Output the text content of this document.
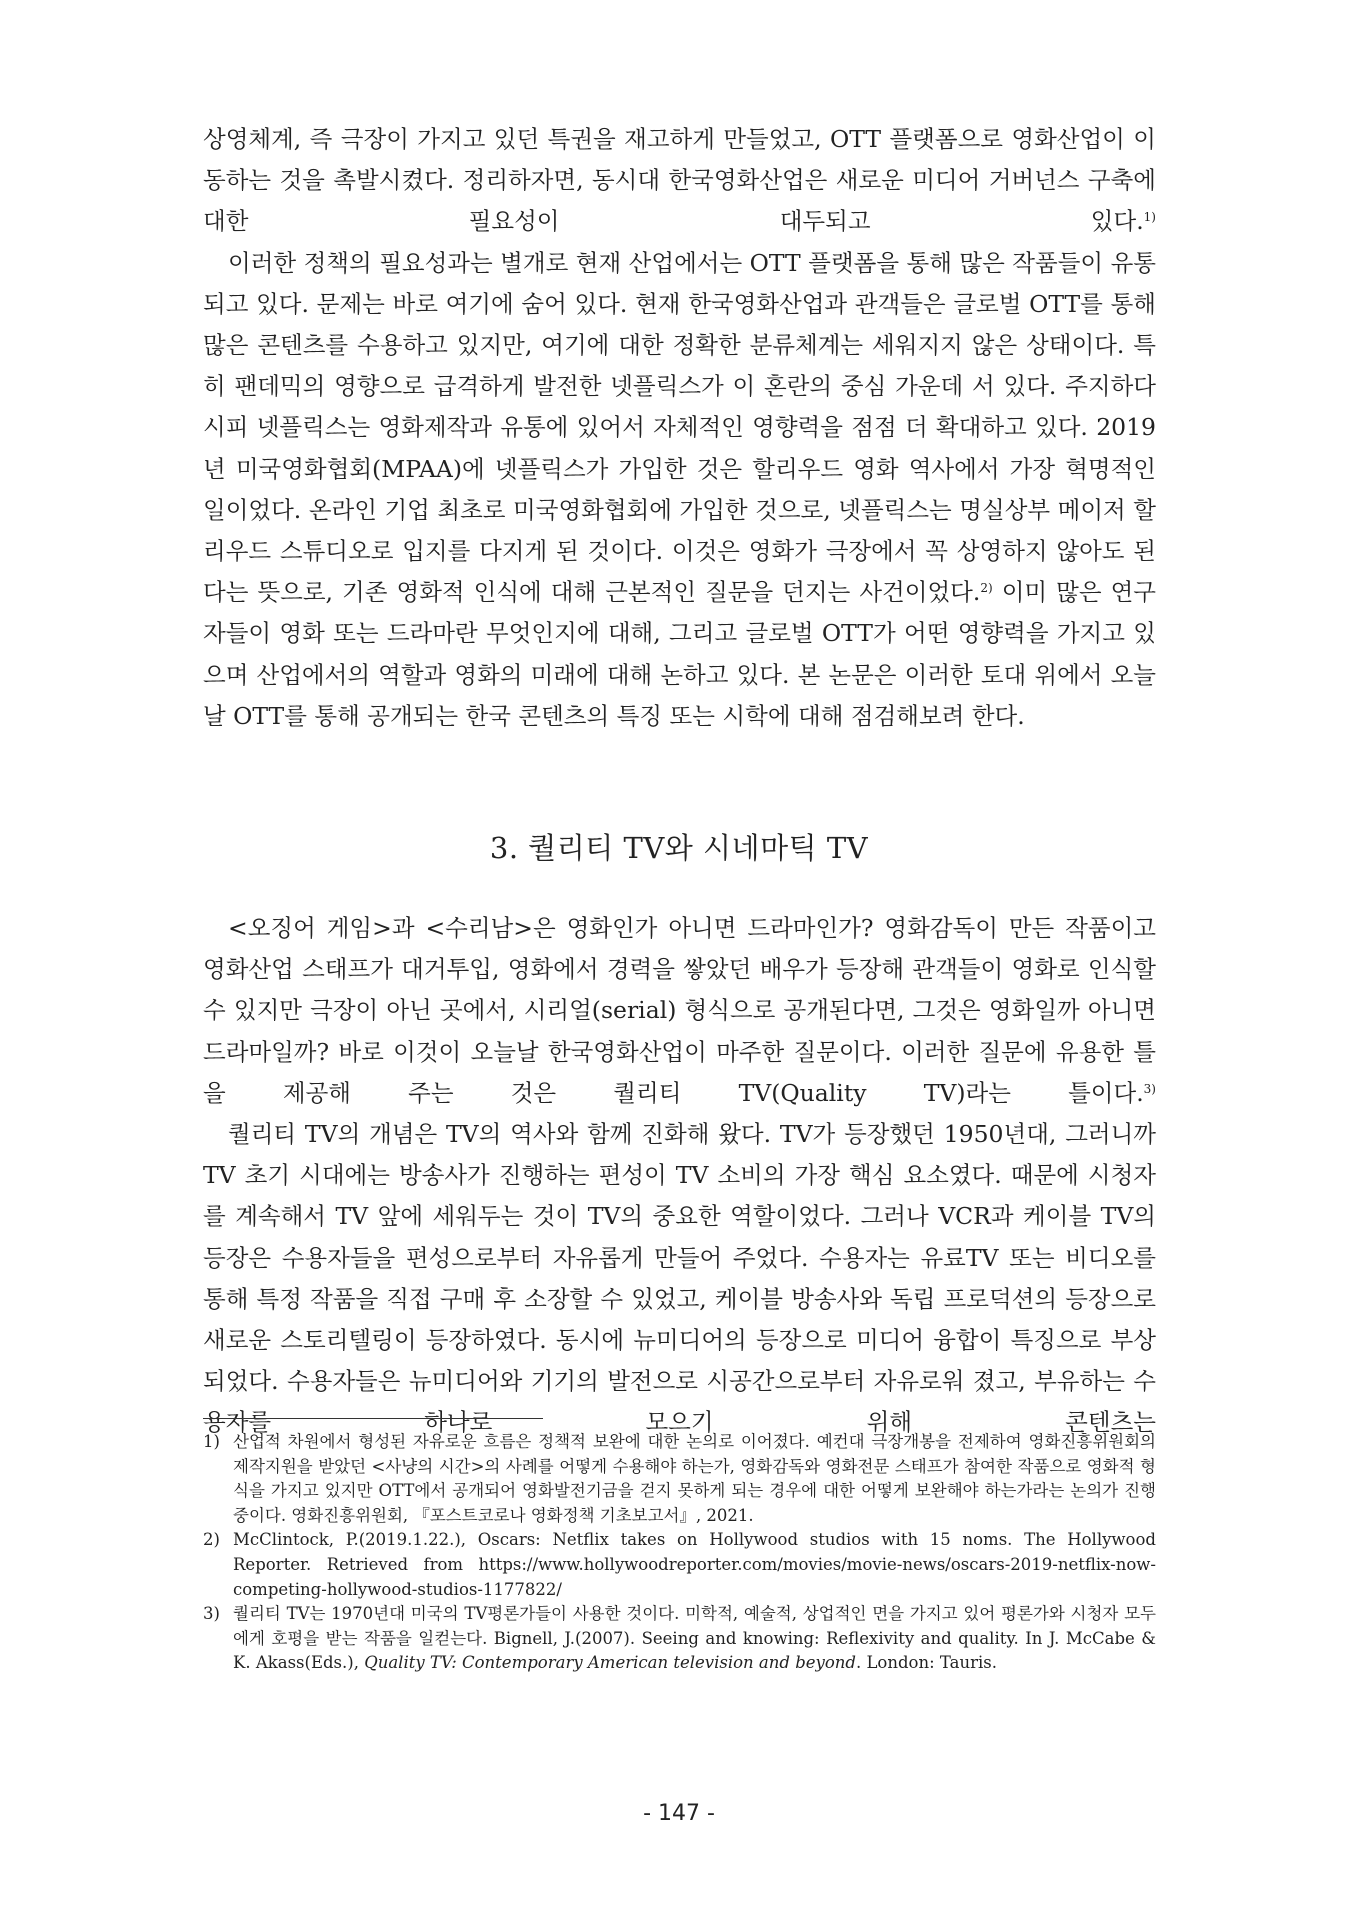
상영체계, 즉 극장이 가지고 있던 특권을 재고하게 만들었고, OTT 플랫폼으로 영화산업이 이동하는 것을 촉발시켰다. 정리하자면, 동시대 한국영화산업은 새로운 미디어 거버넌스 구축에 대한 필요성이 대두되고 있다.$^{1)}$

이러한 정책의 필요성과는 별개로 현재 산업에서는 OTT 플랫폼을 통해 많은 작품들이 유통되고 있다. 문제는 바로 여기에 숨어 있다. 현재 한국영화산업과 관객들은 글로벌 OTT를 통해 많은 콘텐츠를 수용하고 있지만, 여기에 대한 정확한 분류체계는 세워지지 않은 상태이다. 특히 팬데믹의 영향으로 급격하게 발전한 넷플릭스가 이 혼란의 중심 가운데 서 있다. 주지하다시피 넷플릭스는 영화제작과 유통에 있어서 자체적인 영향력을 점점 더 확대하고 있다. 2019년 미국영화협회(MPAA)에 넷플릭스가 가입한 것은 할리우드 영화 역사에서 가장 혁명적인 일이었다. 온라인 기업 최초로 미국영화협회에 가입한 것으로, 넷플릭스는 명실상부 메이저 할리우드 스튜디오로 입지를 다지게 된 것이다. 이것은 영화가 극장에서 꼭 상영하지 않아도 된다는 뜻으로, 기존 영화적 인식에 대해 근본적인 질문을 던지는 사건이었다.$^{2)}$ 이미 많은 연구자들이 영화 또는 드라마란 무엇인지에 대해, 그리고 글로벌 OTT가 어떤 영향력을 가지고 있으며 산업에서의 역할과 영화의 미래에 대해 논하고 있다. 본 논문은 이러한 토대 위에서 오늘날 OTT를 통해 공개되는 한국 콘텐츠의 특징 또는 시학에 대해 점검해보려 한다.

3. 퀄리티 TV와 시네마틱 TV

<오징어 게임>과 <수리남>은 영화인가 아니면 드라마인가? 영화감독이 만든 작품이고 영화산업 스태프가 대거투입, 영화에서 경력을 쌓았던 배우가 등장해 관객들이 영화로 인식할 수 있지만 극장이 아닌 곳에서, 시리얼(serial) 형식으로 공개된다면, 그것은 영화일까 아니면 드라마일까? 바로 이것이 오늘날 한국영화산업이 마주한 질문이다. 이러한 질문에 유용한 틀을 제공해 주는 것은 퀄리티 TV(Quality TV)라는 틀이다.$^{3)}$

퀄리티 TV의 개념은 TV의 역사와 함께 진화해 왔다. TV가 등장했던 1950년대, 그러니까 TV 초기 시대에는 방송사가 진행하는 편성이 TV 소비의 가장 핵심 요소였다. 때문에 시청자를 계속해서 TV 앞에 세워두는 것이 TV의 중요한 역할이었다. 그러나 VCR과 케이블 TV의 등장은 수용자들을 편성으로부터 자유롭게 만들어 주었다. 수용자는 유료TV 또는 비디오를 통해 특정 작품을 직접 구매 후 소장할 수 있었고, 케이블 방송사와 독립 프로덕션의 등장으로 새로운 스토리텔링이 등장하였다. 동시에 뉴미디어의 등장으로 미디어 융합이 특징으로 부상되었다. 수용자들은 뉴미디어와 기기의 발전으로 시공간으로부터 자유로워 졌고, 부유하는 수용자를 하나로 모으기 위해 콘텐츠는

1) 산업적 차원에서 형성된 자유로운 흐름은 정책적 보완에 대한 논의로 이어졌다. 예컨대 극장개봉을 전제하여 영화진흥위원회의 제작지원을 받았던 <사냥의 시간>의 사례를 어떻게 수용해야 하는가, 영화감독와 영화전문 스태프가 참여한 작품으로 영화적 형식을 가지고 있지만 OTT에서 공개되어 영화발전기금을 걷지 못하게 되는 경우에 대한 어떻게 보완해야 하는가라는 논의가 진행중이다. 영화진흥위원회, 『포스트코로나 영화정책 기초보고서』, 2021.
2) McClintock, P.(2019.1.22.), Oscars: Netflix takes on Hollywood studios with 15 noms. The Hollywood Reporter. Retrieved from https://www.hollywoodreporter.com/movies/movie-news/oscars-2019-netflix-now-competing-hollywood-studios-1177822/
3) 퀄리티 TV는 1970년대 미국의 TV평론가들이 사용한 것이다. 미학적, 예술적, 상업적인 면을 가지고 있어 평론가와 시청자 모두에게 호평을 받는 작품을 일컫는다. Bignell, J.(2007). Seeing and knowing: Reflexivity and quality. In J. McCabe & K. Akass(Eds.), Quality TV: Contemporary American television and beyond. London: Tauris.
- 147 -
